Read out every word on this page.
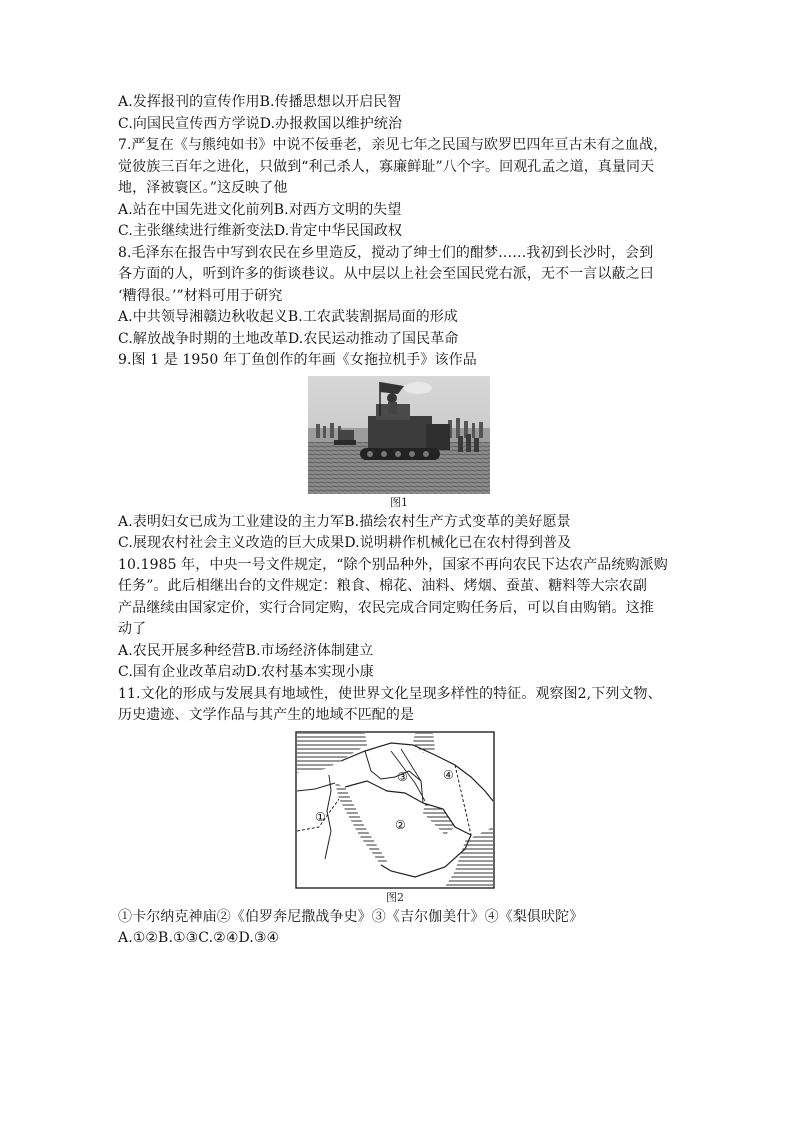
A.发挥报刊的宣传作用B.传播思想以开启民智
C.向国民宣传西方学说D.办报救国以维护统治
7.严复在《与熊纯如书》中说不佞垂老，亲见七年之民国与欧罗巴四年亘古未有之血战，
觉彼族三百年之进化，只做到“利己杀人，寡廉鲜耻”八个字。回观孔孟之道，真量同天
地，泽被寰区。”这反映了他
A.站在中国先进文化前列B.对西方文明的失望
C.主张继续进行维新变法D.肯定中华民国政权
8.毛泽东在报告中写到农民在乡里造反，搅动了绅士们的酣梦……我初到长沙时，会到
各方面的人，听到许多的街谈巷议。从中层以上社会至国民党右派，无不一言以蔽之曰
‘糟得很。’”材料可用于研究
A.中共领导湘赣边秋收起义B.工农武装割据局面的形成
C.解放战争时期的土地改革D.农民运动推动了国民革命
9.图 1 是 1950 年丁鱼创作的年画《女拖拉机手》该作品
图1
A.表明妇女已成为工业建设的主力军B.描绘农村生产方式变革的美好愿景
C.展现农村社会主义改造的巨大成果D.说明耕作机械化已在农村得到普及
10.1985 年，中央一号文件规定，“除个别品种外，国家不再向农民下达农产品统购派购
任务”。此后相继出台的文件规定：粮食、棉花、油料、烤烟、蚕茧、糖料等大宗农副
产品继续由国家定价，实行合同定购，农民完成合同定购任务后，可以自由购销。这推
动了
A.农民开展多种经营B.市场经济体制建立
C.国有企业改革启动D.农村基本实现小康
11.文化的形成与发展具有地域性，使世界文化呈现多样性的特征。观察图2,下列文物、
历史遗迹、文学作品与其产生的地域不匹配的是
①
②
③	④
图2
①卡尔纳克神庙②《伯罗奔尼撒战争史》③《吉尔伽美什》④《梨俱吠陀》
A.①②B.①③C.②④D.③④
